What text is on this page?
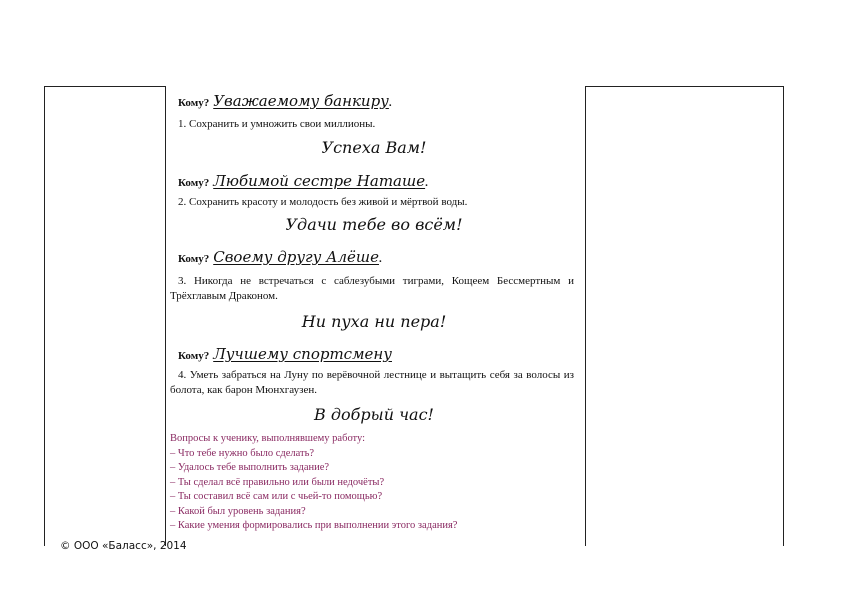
Кому? Уважаемому банкиру.
1. Сохранить и умножить свои миллионы.
Успеха Вам!
Кому? Любимой сестре Наташе.
2. Сохранить красоту и молодость без живой и мёртвой воды.
Удачи тебе во всём!
Кому? Своему другу Алёше.
3. Никогда не встречаться с саблезубыми тиграми, Кощеем Бессмертным и Трёхглавым Драконом.
Ни пуха ни пера!
Кому? Лучшему спортсмену
4. Уметь забраться на Луну по верёвочной лестнице и вытащить себя за волосы из болота, как барон Мюнхгаузен.
В добрый час!
Вопросы к ученику, выполнявшему работу:
– Что тебе нужно было сделать?
– Удалось тебе выполнить задание?
– Ты сделал всё правильно или были недочёты?
– Ты составил всё сам или с чьей-то помощью?
– Какой был уровень задания?
– Какие умения формировались при выполнении этого задания?
© ООО «Баласс», 2014
